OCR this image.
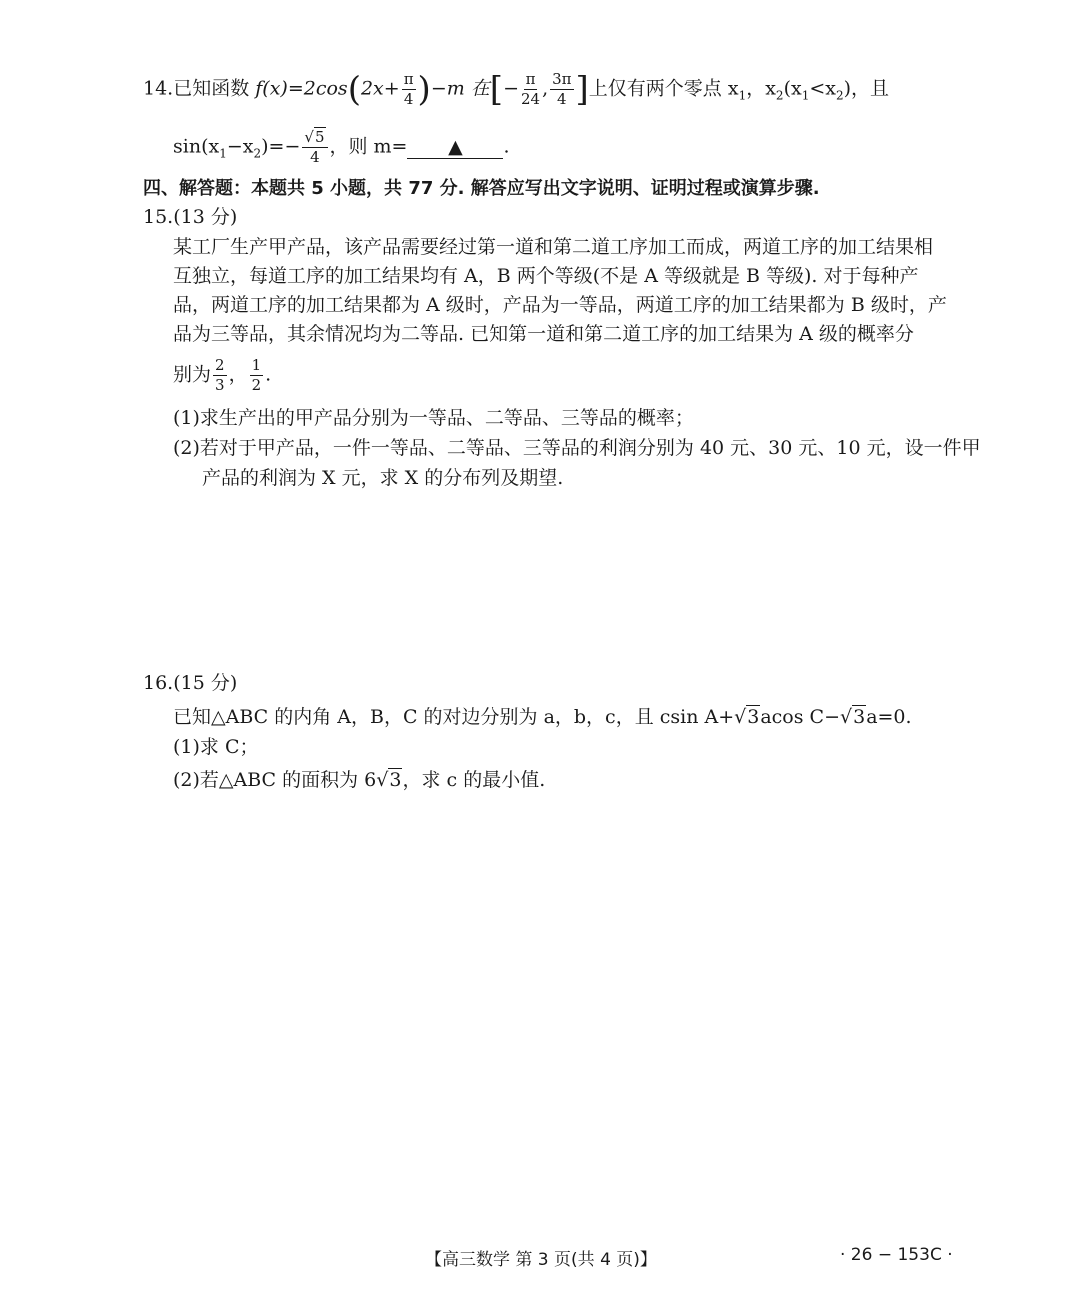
14.已知函数 $f(x)=2\cos(2x+ \frac{\pi}{4} )-m$ 在[− $\frac{\pi}{24}$ , $\frac{3\pi}{4}$ ]上仅有两个零点 $x_1$，$x_2(x_1<x_2)$，且
$\sin(x_1-x_2)=- \frac{√5}{4}$ ，则 m= ▲ .
四、解答题：本题共 5 小题，共 77 分. 解答应写出文字说明、证明过程或演算步骤.
15.(13 分)
某工厂生产甲产品，该产品需要经过第一道和第二道工序加工而成，两道工序的加工结果相
互独立，每道工序的加工结果均有 A，B 两个等级(不是 A 等级就是 B 等级). 对于每种产
品，两道工序的加工结果都为 A 级时，产品为一等品，两道工序的加工结果都为 B 级时，产
品为三等品，其余情况均为二等品. 已知第一道和第二道工序的加工结果为 A 级的概率分
别为 $\frac{2}{3}$ ， $\frac{1}{2}$ .
(1)求生产出的甲产品分别为一等品、二等品、三等品的概率；
(2)若对于甲产品，一件一等品、二等品、三等品的利润分别为 40 元、30 元、10 元，设一件甲
产品的利润为 X 元，求 X 的分布列及期望.
16.(15 分)
已知△ABC 的内角 A，B，C 的对边分别为 a，b，c，且 csin A+√3acos C−√3a=0.
(1)求 C；
(2)若△ABC 的面积为 6√3，求 c 的最小值.
【高三数学 第 3 页(共 4 页)】	· 26 − 153C ·
